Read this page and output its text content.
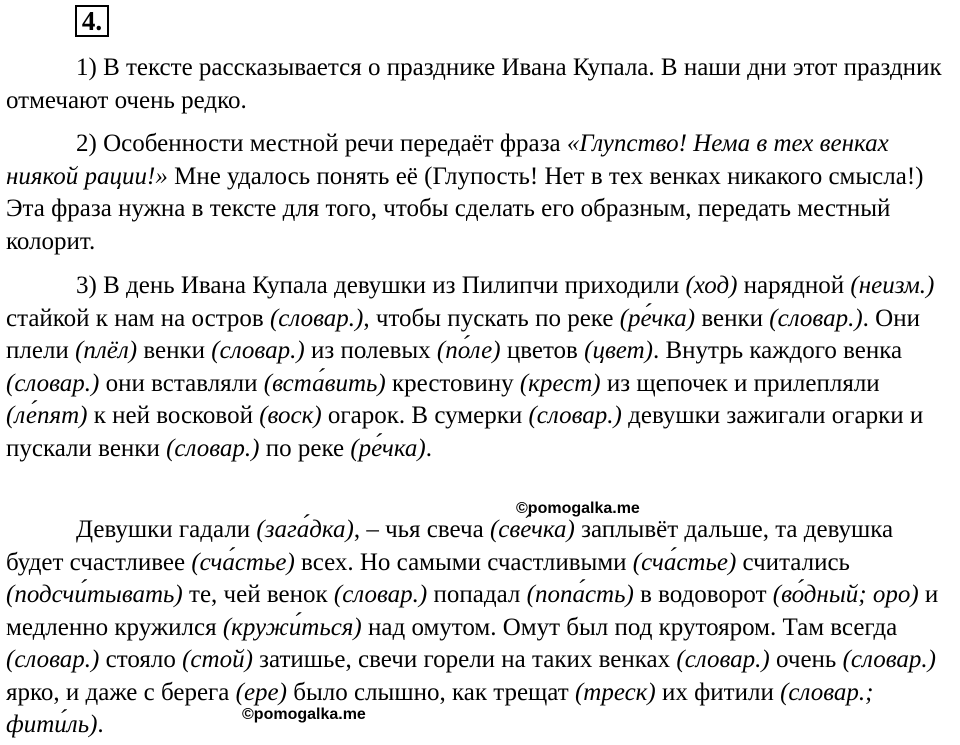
4.

1) В тексте рассказывается о празднике Ивана Купала. В наши дни этот праздник отмечают очень редко.

2) Особенности местной речи передаёт фраза «Глупство! Нема в тех венках ниякой рации!» Мне удалось понять её (Глупость! Нет в тех венках никакого смысла!) Эта фраза нужна в тексте для того, чтобы сделать его образным, передать местный колорит.

3) В день Ивана Купала девушки из Пилипчи приходили (ход) нарядной (неизм.) стайкой к нам на остров (словар.), чтобы пускать по реке (ре́чка) венки (словар.). Они плели (плёл) венки (словар.) из полевых (по́ле) цветов (цвет). Внутрь каждого венка (словар.) они вставляли (вста́вить) крестовину (крест) из щепочек и прилепляли (ле́пят) к ней восковой (воск) огарок. В сумерки (словар.) девушки зажигали огарки и пускали венки (словар.) по реке (ре́чка).

Девушки гадали (зага́дка), – чья свеча (све́чка) заплывёт дальше, та девушка будет счастливее (сча́стье) всех. Но самыми счастливыми (сча́стье) считались (подсчи́тывать) те, чей венок (словар.) попадал (попа́сть) в водоворот (во́дный; оро) и медленно кружился (кружи́ться) над омутом. Омут был под крутояром. Там всегда (словар.) стояло (стой) затишье, свечи горели на таких венках (словар.) очень (словар.) ярко, и даже с берега (ере) было слышно, как трещат (треск) их фитили (словар.; фити́ль).

©pomogalka.me
©pomogalka.me
